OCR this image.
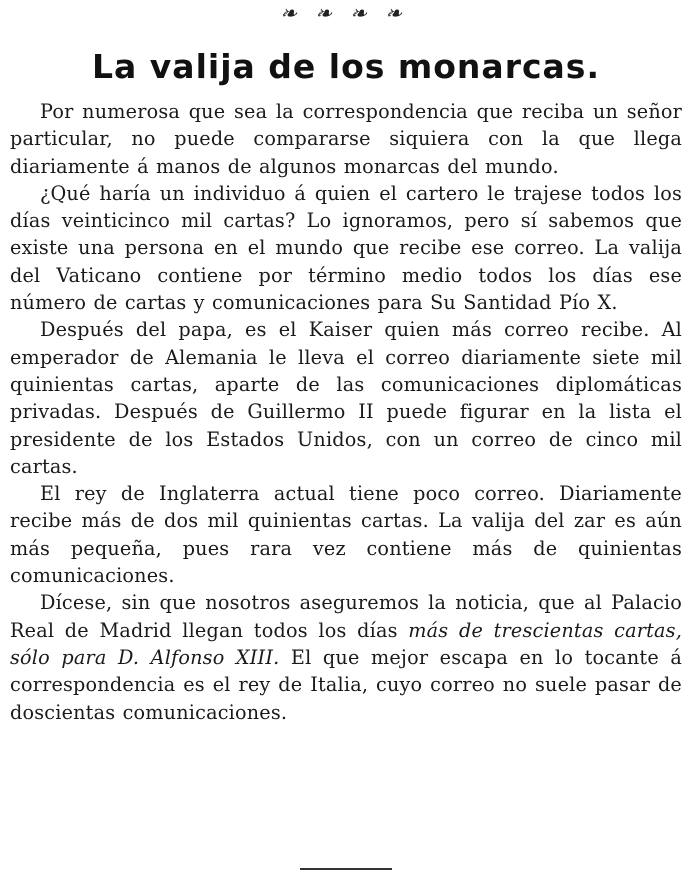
❧ ❧ ❧ ❧
La valija de los monarcas.

Por numerosa que sea la correspondencia que reciba un señor particular, no puede compararse siquiera con la que llega diariamente á manos de algunos monarcas del mundo.

¿Qué haría un individuo á quien el cartero le trajese todos los días veinticinco mil cartas? Lo ignoramos, pero sí sabemos que existe una persona en el mundo que recibe ese correo. La valija del Vaticano contiene por término medio todos los días ese número de cartas y comunicaciones para Su Santidad Pío X.

Después del papa, es el Kaiser quien más correo recibe. Al emperador de Alemania le lleva el correo diariamente siete mil quinientas cartas, aparte de las comunicaciones diplomáticas privadas. Después de Guillermo II puede figurar en la lista el presidente de los Estados Unidos, con un correo de cinco mil cartas.

El rey de Inglaterra actual tiene poco correo. Diariamente recibe más de dos mil quinientas cartas. La valija del zar es aún más pequeña, pues rara vez contiene más de quinientas comunicaciones.

Dícese, sin que nosotros aseguremos la noticia, que al Palacio Real de Madrid llegan todos los días más de trescientas cartas, sólo para D. Alfonso XIII. El que mejor escapa en lo tocante á correspondencia es el rey de Italia, cuyo correo no suele pasar de doscientas comunicaciones.
